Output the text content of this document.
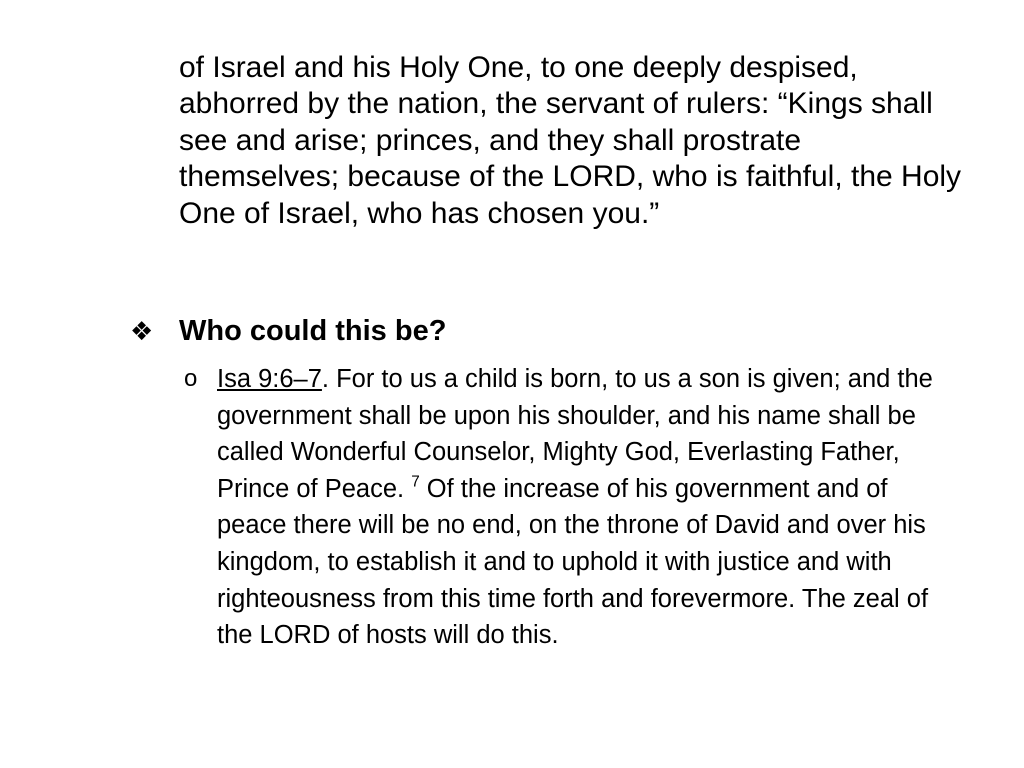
of Israel and his Holy One, to one deeply despised, abhorred by the nation, the servant of rulers: “Kings shall see and arise; princes, and they shall prostrate themselves; because of the LORD, who is faithful, the Holy One of Israel, who has chosen you.”

❖ Who could this be?
o Isa 9:6–7. For to us a child is born, to us a son is given; and the government shall be upon his shoulder, and his name shall be called Wonderful Counselor, Mighty God, Everlasting Father, Prince of Peace. $^7$ Of the increase of his government and of peace there will be no end, on the throne of David and over his kingdom, to establish it and to uphold it with justice and with righteousness from this time forth and forevermore. The zeal of the LORD of hosts will do this.
